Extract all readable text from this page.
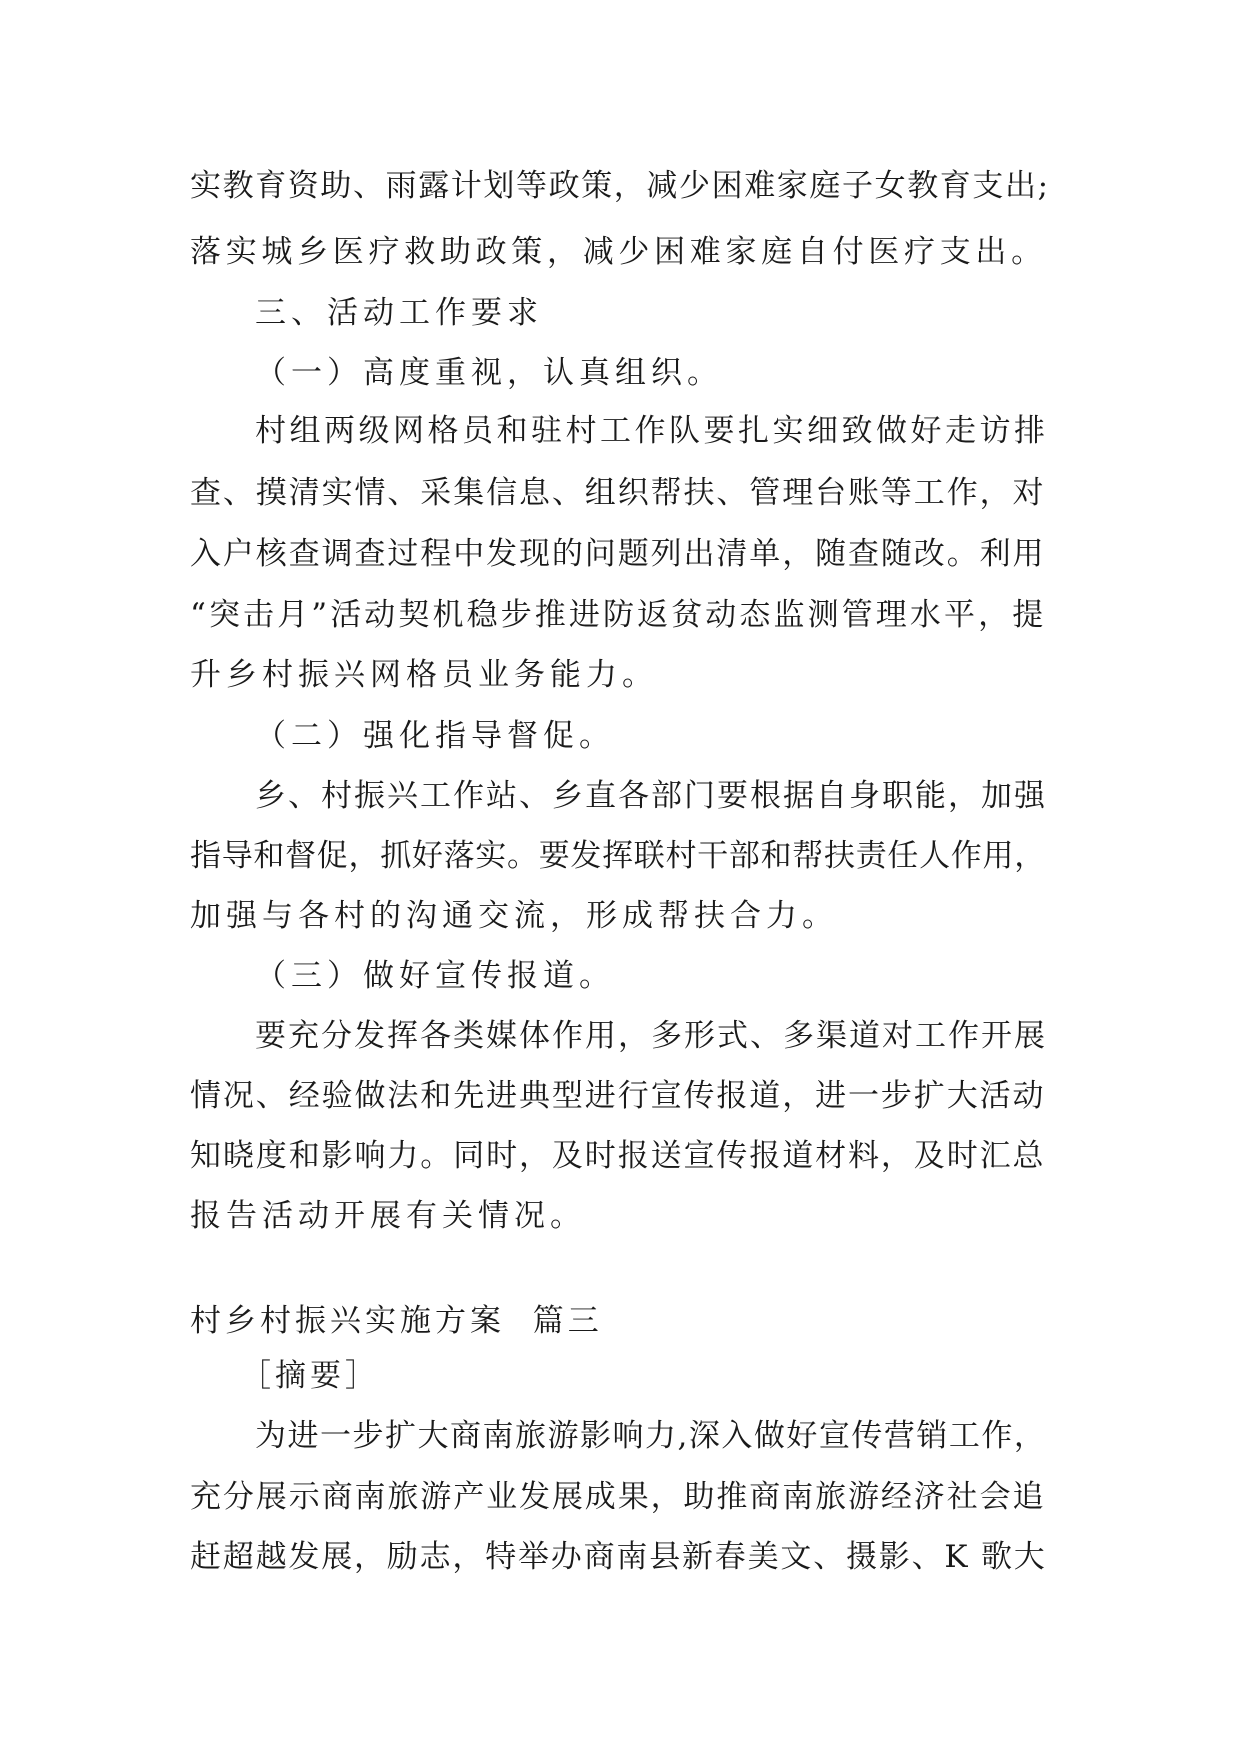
实教育资助、雨露计划等政策，减少困难家庭子女教育支出;
落实城乡医疗救助政策，减少困难家庭自付医疗支出。
三、活动工作要求
（一）高度重视，认真组织。
村组两级网格员和驻村工作队要扎实细致做好走访排
查、摸清实情、采集信息、组织帮扶、管理台账等工作，对
入户核查调查过程中发现的问题列出清单，随查随改。利用
“突击月”活动契机稳步推进防返贫动态监测管理水平，提
升乡村振兴网格员业务能力。
（二）强化指导督促。
乡、村振兴工作站、乡直各部门要根据自身职能，加强
指导和督促，抓好落实。要发挥联村干部和帮扶责任人作用，
加强与各村的沟通交流，形成帮扶合力。
（三）做好宣传报道。
要充分发挥各类媒体作用，多形式、多渠道对工作开展
情况、经验做法和先进典型进行宣传报道，进一步扩大活动
知晓度和影响力。同时，及时报送宣传报道材料，及时汇总
报告活动开展有关情况。
村乡村振兴实施方案  篇三
［摘要］
为进一步扩大商南旅游影响力,深入做好宣传营销工作，
充分展示商南旅游产业发展成果，助推商南旅游经济社会追
赶超越发展，励志，特举办商南县新春美文、摄影、K 歌大
